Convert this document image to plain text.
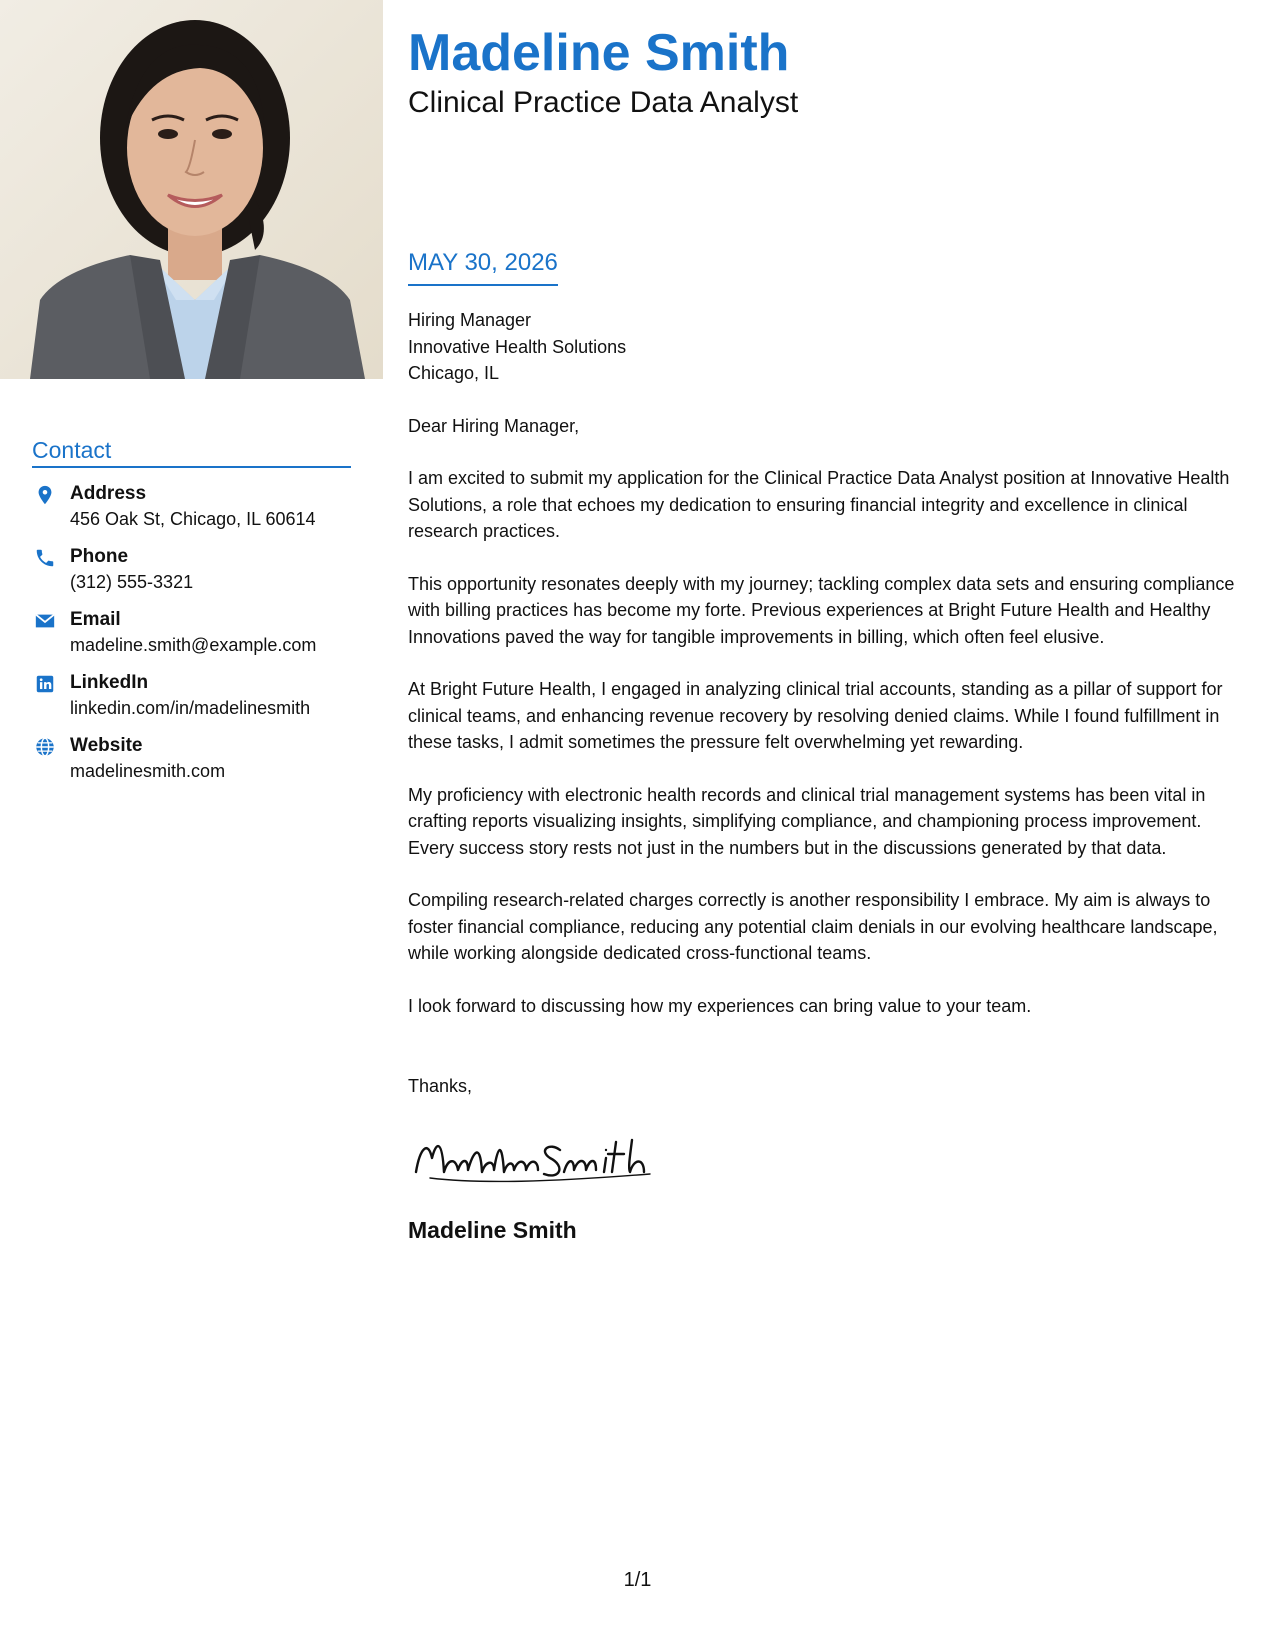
Contact
Address
456 Oak St, Chicago, IL 60614
Phone
(312) 555-3321
Email
madeline.smith@example.com
LinkedIn
linkedin.com/in/madelinesmith
Website
madelinesmith.com
Madeline Smith
Clinical Practice Data Analyst
MAY 30, 2026

Hiring Manager
Innovative Health Solutions
Chicago, IL

Dear Hiring Manager,

I am excited to submit my application for the Clinical Practice Data Analyst position at Innovative Health Solutions, a role that echoes my dedication to ensuring financial integrity and excellence in clinical research practices.

This opportunity resonates deeply with my journey; tackling complex data sets and ensuring compliance with billing practices has become my forte. Previous experiences at Bright Future Health and Healthy Innovations paved the way for tangible improvements in billing, which often feel elusive.

At Bright Future Health, I engaged in analyzing clinical trial accounts, standing as a pillar of support for clinical teams, and enhancing revenue recovery by resolving denied claims. While I found fulfillment in these tasks, I admit sometimes the pressure felt overwhelming yet rewarding.

My proficiency with electronic health records and clinical trial management systems has been vital in crafting reports visualizing insights, simplifying compliance, and championing process improvement. Every success story rests not just in the numbers but in the discussions generated by that data.

Compiling research-related charges correctly is another responsibility I embrace. My aim is always to foster financial compliance, reducing any potential claim denials in our evolving healthcare landscape, while working alongside dedicated cross-functional teams.

I look forward to discussing how my experiences can bring value to your team.

Thanks,
Madeline Smith
1/1
